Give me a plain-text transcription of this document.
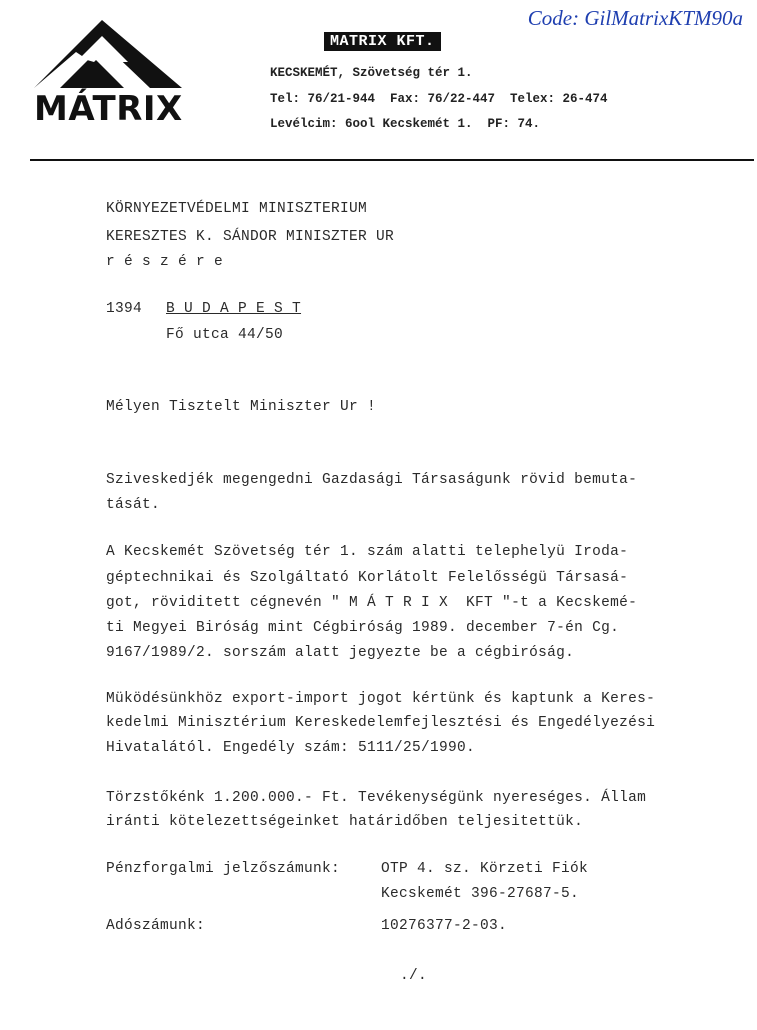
Code: GilMatrixKTM90a
MÁTRIX
MATRIX KFT.
KECSKEMÉT, Szövetség tér 1.
Tel: 76/21-944  Fax: 76/22-447  Telex: 26-474
Levélcim: 6ool Kecskemét 1.  PF: 74.
KÖRNYEZETVÉDELMI MINISZTERIUM
KERESZTES K. SÁNDOR MINISZTER UR
r é s z é r e
1394 B U D A P E S T
Fő utca 44/50
Mélyen Tisztelt Miniszter Ur !
Sziveskedjék megengedni Gazdasági Társaságunk rövid bemuta-
tását.
A Kecskemét Szövetség tér 1. szám alatti telephelyü Iroda-
géptechnikai és Szolgáltató Korlátolt Felelősségü Társasá-
got, röviditett cégnevén " M Á T R I X  KFT "-t a Kecskemé-
ti Megyei Biróság mint Cégbiróság 1989. december 7-én Cg.
9167/1989/2. sorszám alatt jegyezte be a cégbiróság.
Müködésünkhöz export-import jogot kértünk és kaptunk a Keres-
kedelmi Minisztérium Kereskedelemfejlesztési és Engedélyezési
Hivatalától. Engedély szám: 5111/25/1990.
Törzstőkénk 1.200.000.- Ft. Tevékenységünk nyereséges. Állam
iránti kötelezettségeinket határidőben teljesitettük.
Pénzforgalmi jelzőszámunk:	OTP 4. sz. Körzeti Fiók
Kecskemét 396-27687-5.
Adószámunk:	10276377-2-03.
./.
